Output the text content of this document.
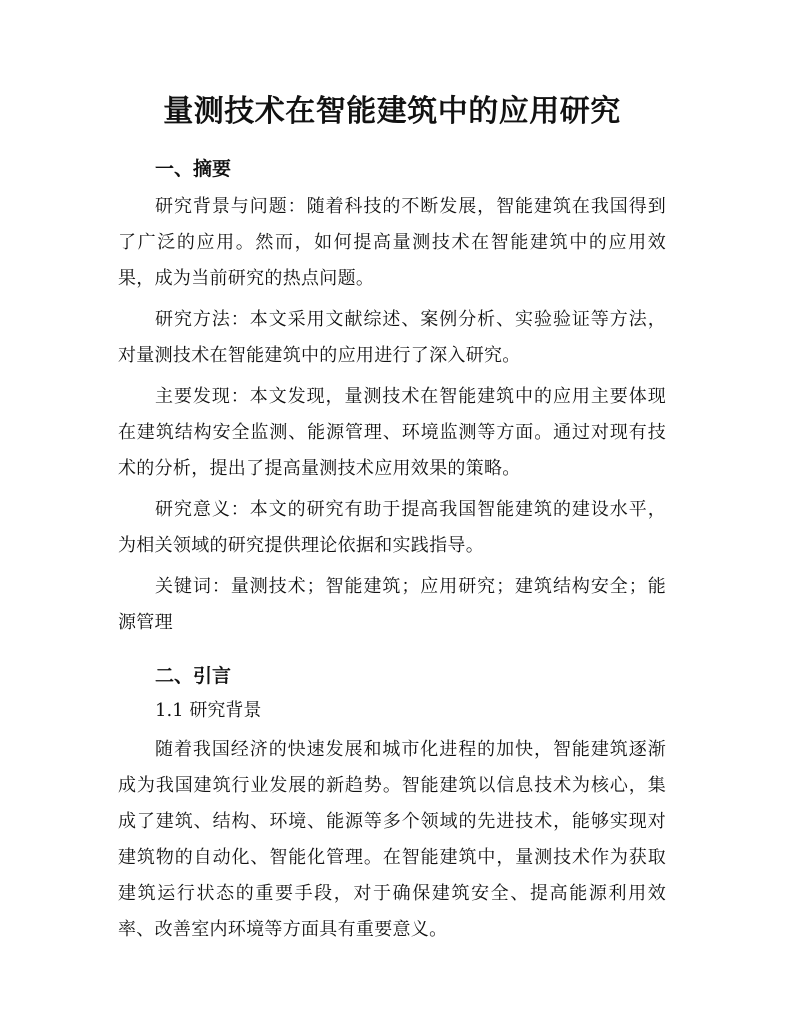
量测技术在智能建筑中的应用研究
一、摘要

研究背景与问题：随着科技的不断发展，智能建筑在我国得到了广泛的应用。然而，如何提高量测技术在智能建筑中的应用效果，成为当前研究的热点问题。

研究方法：本文采用文献综述、案例分析、实验验证等方法，对量测技术在智能建筑中的应用进行了深入研究。

主要发现：本文发现，量测技术在智能建筑中的应用主要体现在建筑结构安全监测、能源管理、环境监测等方面。通过对现有技术的分析，提出了提高量测技术应用效果的策略。

研究意义：本文的研究有助于提高我国智能建筑的建设水平，为相关领域的研究提供理论依据和实践指导。

关键词：量测技术；智能建筑；应用研究；建筑结构安全；能源管理

二、引言
1.1 研究背景

随着我国经济的快速发展和城市化进程的加快，智能建筑逐渐成为我国建筑行业发展的新趋势。智能建筑以信息技术为核心，集成了建筑、结构、环境、能源等多个领域的先进技术，能够实现对建筑物的自动化、智能化管理。在智能建筑中，量测技术作为获取建筑运行状态的重要手段，对于确保建筑安全、提高能源利用效率、改善室内环境等方面具有重要意义。
